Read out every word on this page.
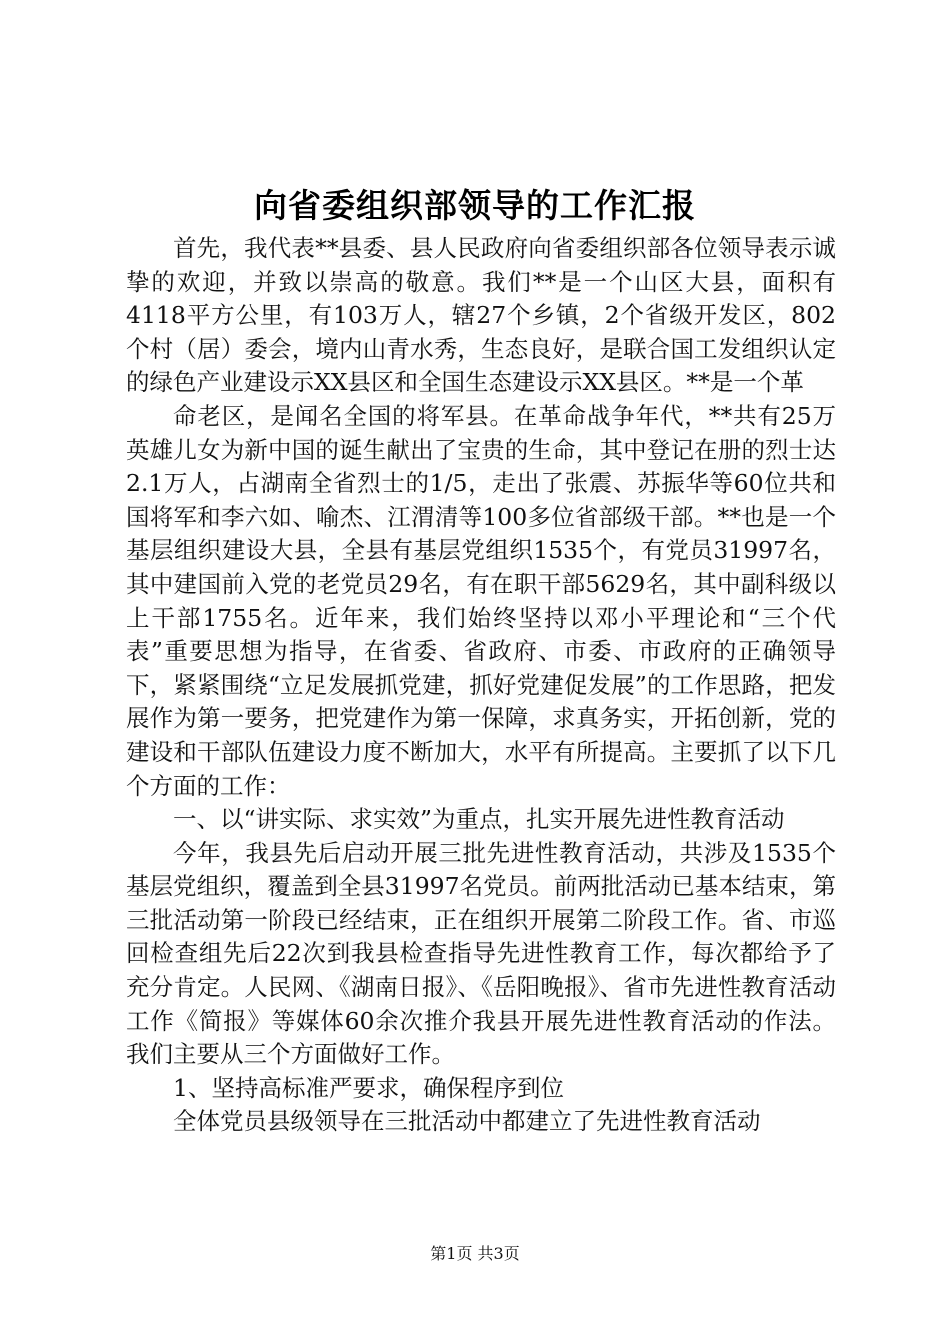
向省委组织部领导的工作汇报

首先，我代表**县委、县人民政府向省委组织部各位领导表示诚挚的欢迎，并致以崇高的敬意。我们**是一个山区大县，面积有4118平方公里，有103万人，辖27个乡镇，2个省级开发区，802个村（居）委会，境内山青水秀，生态良好，是联合国工发组织认定的绿色产业建设示XX县区和全国生态建设示XX县区。**是一个革

命老区，是闻名全国的将军县。在革命战争年代，**共有25万英雄儿女为新中国的诞生献出了宝贵的生命，其中登记在册的烈士达2.1万人，占湖南全省烈士的1/5，走出了张震、苏振华等60位共和国将军和李六如、喻杰、江渭清等100多位省部级干部。**也是一个基层组织建设大县，全县有基层党组织1535个，有党员31997名，其中建国前入党的老党员29名，有在职干部5629名，其中副科级以上干部1755名。近年来，我们始终坚持以邓小平理论和“三个代表”重要思想为指导，在省委、省政府、市委、市政府的正确领导下，紧紧围绕“立足发展抓党建，抓好党建促发展”的工作思路，把发展作为第一要务，把党建作为第一保障，求真务实，开拓创新，党的建设和干部队伍建设力度不断加大，水平有所提高。主要抓了以下几个方面的工作：

一、以“讲实际、求实效”为重点，扎实开展先进性教育活动

今年，我县先后启动开展三批先进性教育活动，共涉及1535个基层党组织，覆盖到全县31997名党员。前两批活动已基本结束，第三批活动第一阶段已经结束，正在组织开展第二阶段工作。省、市巡回检查组先后22次到我县检查指导先进性教育工作，每次都给予了充分肯定。人民网、《湖南日报》、《岳阳晚报》、省市先进性教育活动工作《简报》等媒体60余次推介我县开展先进性教育活动的作法。我们主要从三个方面做好工作。

1、坚持高标准严要求，确保程序到位

全体党员县级领导在三批活动中都建立了先进性教育活动

第1页 共3页
